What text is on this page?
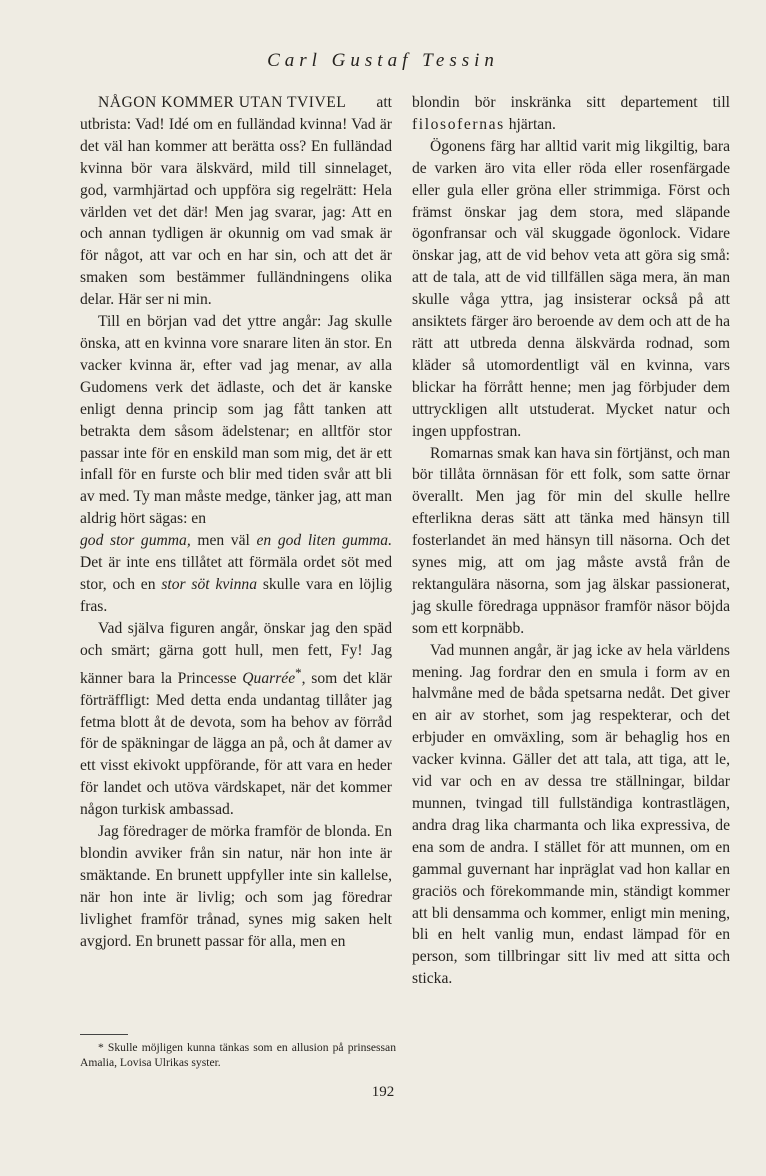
Carl Gustaf Tessin

NÅGON KOMMER UTAN TVIVEL att utbrista: Vad! Idé om en fulländad kvinna! Vad är det väl han kommer att berätta oss? En fulländad kvinna bör vara älskvärd, mild till sinnelaget, god, varmhjärtad och uppföra sig regelrätt: Hela världen vet det där! Men jag svarar, jag: Att en och annan tydligen är okunnig om vad smak är för något, att var och en har sin, och att det är smaken som bestämmer fulländningens olika delar. Här ser ni min.

Till en början vad det yttre angår: Jag skulle önska, att en kvinna vore snarare liten än stor. En vacker kvinna är, efter vad jag menar, av alla Gudomens verk det ädlaste, och det är kanske enligt denna princip som jag fått tanken att betrakta dem såsom ädelstenar; en alltför stor passar inte för en enskild man som mig, det är ett infall för en furste och blir med tiden svår att bli av med. Ty man måste medge, tänker jag, att man aldrig hört sägas: en

god stor gumma, men väl en god liten gumma. Det är inte ens tillåtet att förmäla ordet söt med stor, och en stor söt kvinna skulle vara en löjlig fras.

Vad själva figuren angår, önskar jag den späd och smärt; gärna gott hull, men fett, Fy! Jag känner bara la Princesse Quarrée*, som det klär förträffligt: Med detta enda undantag tillåter jag fetma blott åt de devota, som ha behov av förråd för de späkningar de lägga an på, och åt damer av ett visst ekivokt uppförande, för att vara en heder för landet och utöva värdskapet, när det kommer någon turkisk ambassad.

Jag föredrager de mörka framför de blonda. En blondin avviker från sin natur, när hon inte är smäktande. En brunett uppfyller inte sin kallelse, när hon inte är livlig; och som jag föredrar livlighet framför trånad, synes mig saken helt avgjord. En brunett passar för alla, men en

blondin bör inskränka sitt departement till filosofernas hjärtan.

Ögonens färg har alltid varit mig likgiltig, bara de varken äro vita eller röda eller rosenfärgade eller gula eller gröna eller strimmiga. Först och främst önskar jag dem stora, med släpande ögonfransar och väl skuggade ögonlock. Vidare önskar jag, att de vid behov veta att göra sig små: att de tala, att de vid tillfällen säga mera, än man skulle våga yttra, jag insisterar också på att ansiktets färger äro beroende av dem och att de ha rätt att utbreda denna älskvärda rodnad, som kläder så utomordentligt väl en kvinna, vars blickar ha förrått henne; men jag förbjuder dem uttryckligen allt utstuderat. Mycket natur och ingen uppfostran.

Romarnas smak kan hava sin förtjänst, och man bör tillåta örnnäsan för ett folk, som satte örnar överallt. Men jag för min del skulle hellre efterlikna deras sätt att tänka med hänsyn till fosterlandet än med hänsyn till näsorna. Och det synes mig, att om jag måste avstå från de rektangulära näsorna, som jag älskar passionerat, jag skulle föredraga uppnäsor framför näsor böjda som ett korpnäbb.

Vad munnen angår, är jag icke av hela världens mening. Jag fordrar den en smula i form av en halvmåne med de båda spetsarna nedåt. Det giver en air av storhet, som jag respekterar, och det erbjuder en omväxling, som är behaglig hos en vacker kvinna. Gäller det att tala, att tiga, att le, vid var och en av dessa tre ställningar, bildar munnen, tvingad till fullständiga kontrastlägen, andra drag lika charmanta och lika expressiva, de ena som de andra. I stället för att munnen, om en gammal guvernant har inpräglat vad hon kallar en graciös och förekommande min, ständigt kommer att bli densamma och kommer, enligt min mening, bli en helt vanlig mun, endast lämpad för en person, som tillbringar sitt liv med att sitta och sticka.

* Skulle möjligen kunna tänkas som en allusion på prinsessan Amalia, Lovisa Ulrikas syster.

192
